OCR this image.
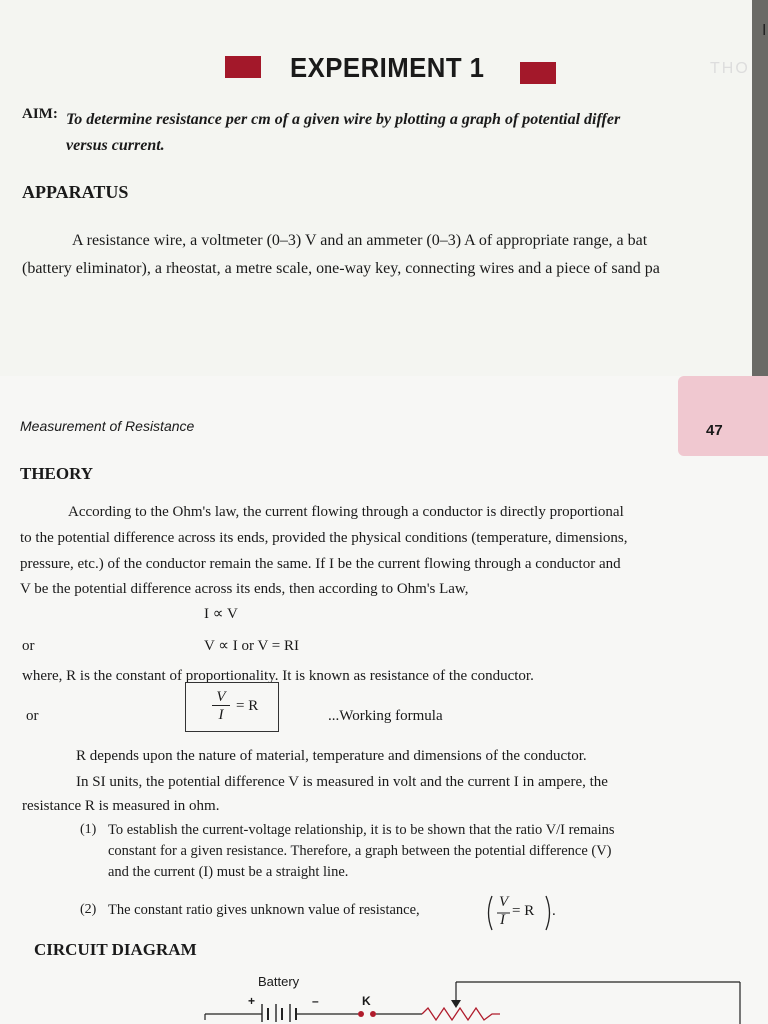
EXPERIMENT 1	THO
AIM: To determine resistance per cm of a given wire by plotting a graph of potential differ
versus current.
APPARATUS
A resistance wire, a voltmeter (0–3) V and an ammeter (0–3) A of appropriate range, a bat
(battery eliminator), a rheostat, a metre scale, one-way key, connecting wires and a piece of sand pa
I
47
Measurement of Resistance
THEORY
According to the Ohm's law, the current flowing through a conductor is directly proportional
to the potential difference across its ends, provided the physical conditions (temperature, dimensions,
pressure, etc.) of the conductor remain the same. If I be the current flowing through a conductor and
V be the potential difference across its ends, then according to Ohm's Law,
I ∝ V
or	V ∝ I or V = RI
where, R is the constant of proportionality. It is known as resistance of the conductor.
or	$\frac{V}{I} = R$
...Working formula
R depends upon the nature of material, temperature and dimensions of the conductor.
In SI units, the potential difference V is measured in volt and the current I in ampere, the
resistance R is measured in ohm.
(1) To establish the current-voltage relationship, it is to be shown that the ratio V/I remains
constant for a given resistance. Therefore, a graph between the potential difference (V)
and the current (I) must be a straight line.
(2) The constant ratio gives unknown value of resistance,	V
I
= R .
CIRCUIT DIAGRAM
Battery
+	–	K
